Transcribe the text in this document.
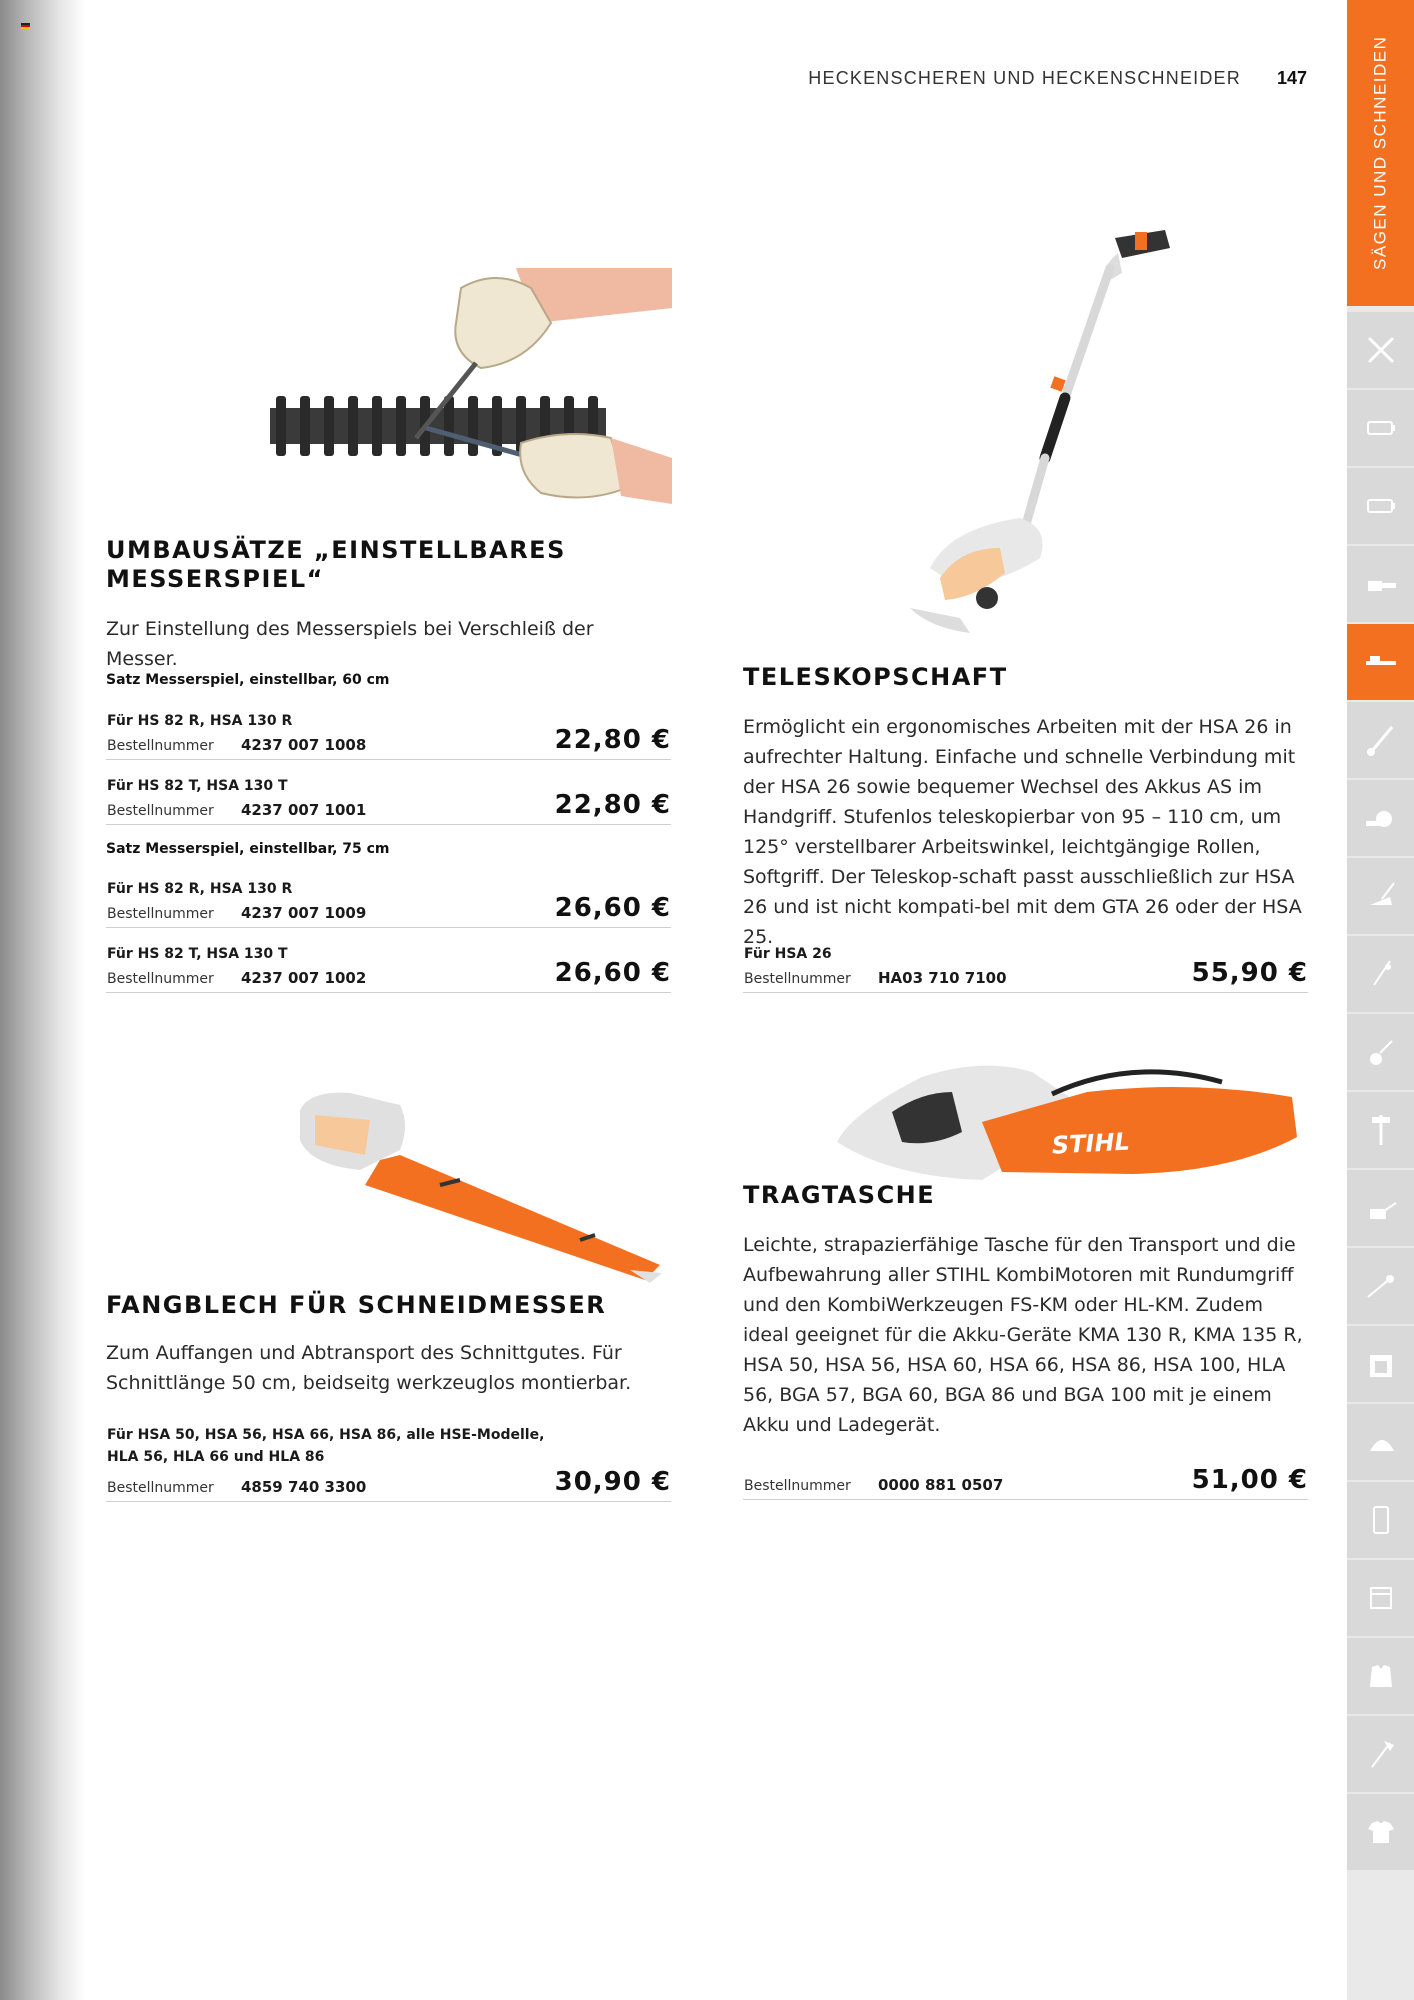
HECKENSCHEREN UND HECKENSCHNEIDER 147	SÄGEN UND SCHNEIDEN
UMBAUSÄTZE „EINSTELLBARES MESSERSPIEL“

Zur Einstellung des Messerspiels bei Verschleiß der Messer.

Satz Messerspiel, einstellbar, 60 cm
Für HS 82 R, HSA 130 R
Bestellnummer 4237 007 1008	22,80 €
Für HS 82 T, HSA 130 T
Bestellnummer 4237 007 1001	22,80 €
Satz Messerspiel, einstellbar, 75 cm
Für HS 82 R, HSA 130 R
Bestellnummer 4237 007 1009	26,60 €
Für HS 82 T, HSA 130 T
Bestellnummer 4237 007 1002	26,60 €
TELESKOPSCHAFT

Ermöglicht ein ergonomisches Arbeiten mit der HSA 26 in aufrechter Haltung. Einfache und schnelle Verbindung mit der HSA 26 sowie bequemer Wechsel des Akkus AS im Handgriff. Stufenlos teleskopierbar von 95 – 110 cm, um 125° verstellbarer Arbeitswinkel, leichtgängige Rollen, Softgriff. Der Teleskop-schaft passt ausschließlich zur HSA 26 und ist nicht kompati-bel mit dem GTA 26 oder der HSA 25.

Für HSA 26
Bestellnummer HA03 710 7100	55,90 €
FANGBLECH FÜR SCHNEIDMESSER

Zum Auffangen und Abtransport des Schnittgutes. Für Schnittlänge 50 cm, beidseitg werkzeuglos montierbar.

Für HSA 50, HSA 56, HSA 66, HSA 86, alle HSE-Modelle,
HLA 56, HLA 66 und HLA 86
Bestellnummer 4859 740 3300	30,90 €
STIHL
TRAGTASCHE

Leichte, strapazierfähige Tasche für den Transport und die Aufbewahrung aller STIHL KombiMotoren mit Rundumgriff und den KombiWerkzeugen FS-KM oder HL-KM. Zudem ideal geeignet für die Akku-Geräte KMA 130 R, KMA 135 R, HSA 50, HSA 56, HSA 60, HSA 66, HSA 86, HSA 100, HLA 56, BGA 57, BGA 60, BGA 86 und BGA 100 mit je einem Akku und Ladegerät.

Bestellnummer 0000 881 0507	51,00 €
